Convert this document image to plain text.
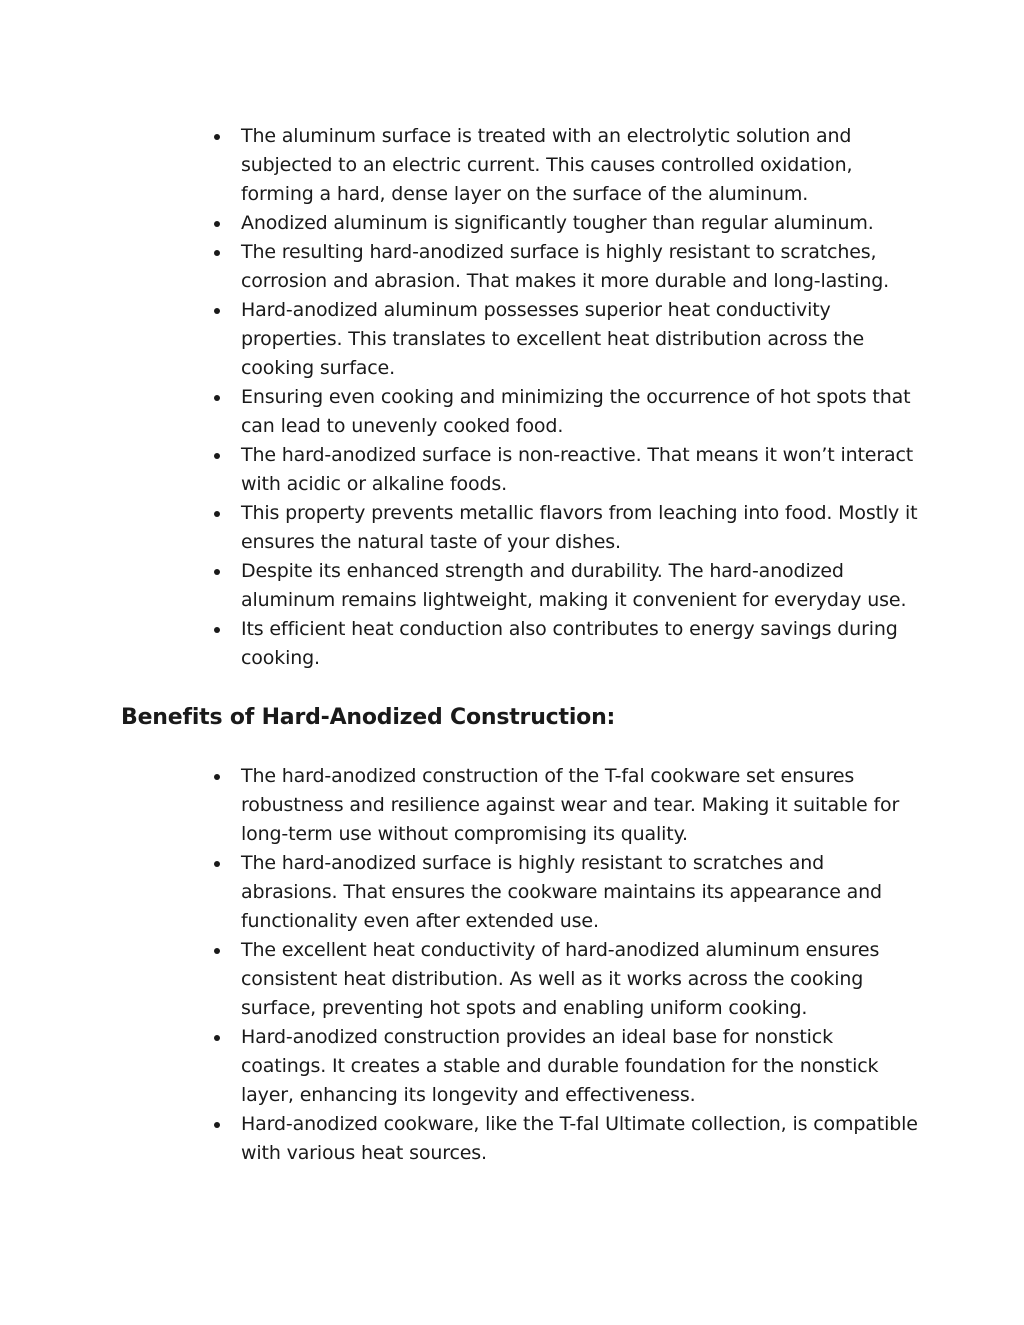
The aluminum surface is treated with an electrolytic solution and subjected to an electric current. This causes controlled oxidation, forming a hard, dense layer on the surface of the aluminum.
Anodized aluminum is significantly tougher than regular aluminum.
The resulting hard-anodized surface is highly resistant to scratches, corrosion and abrasion. That makes it more durable and long-lasting.
Hard-anodized aluminum possesses superior heat conductivity properties. This translates to excellent heat distribution across the cooking surface.
Ensuring even cooking and minimizing the occurrence of hot spots that can lead to unevenly cooked food.
The hard-anodized surface is non-reactive. That means it won’t interact with acidic or alkaline foods.
This property prevents metallic flavors from leaching into food. Mostly it ensures the natural taste of your dishes.
Despite its enhanced strength and durability. The hard-anodized aluminum remains lightweight, making it convenient for everyday use.
Its efficient heat conduction also contributes to energy savings during cooking.
Benefits of Hard-Anodized Construction:
The hard-anodized construction of the T-fal cookware set ensures robustness and resilience against wear and tear. Making it suitable for long-term use without compromising its quality.
The hard-anodized surface is highly resistant to scratches and abrasions. That ensures the cookware maintains its appearance and functionality even after extended use.
The excellent heat conductivity of hard-anodized aluminum ensures consistent heat distribution. As well as it works across the cooking surface, preventing hot spots and enabling uniform cooking.
Hard-anodized construction provides an ideal base for nonstick coatings. It creates a stable and durable foundation for the nonstick layer, enhancing its longevity and effectiveness.
Hard-anodized cookware, like the T-fal Ultimate collection, is compatible with various heat sources.
